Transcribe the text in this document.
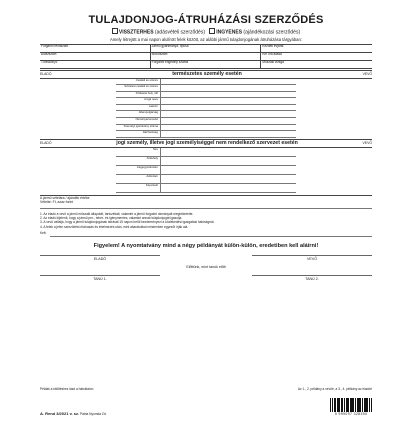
TULAJDONJOG-ÁTRUHÁZÁSI SZERZŐDÉS
VISSZTERHES (adásvételi szerződés) INGYENES (ajándékozási szerződés)
Amely létrejött a mai napon alulírott felek között, az alábbi jármű tulajdonjogának átruházása tárgyában:
Forgalmi rendszám	Jármű gyártmánya, típusa	Kezdeti évjárat
Alvázszám	Motorszám	Km óra állása
Törzskönyv	Forgalmi engedély száma	Műszaki vizsga
ELADÓ	természetes személy esetén	VEVŐ
Családi és utónév
Születési családi és utónév
Születési hely, idő
Anyja neve
Lakcím
Állampolgárság
Okmányazonosító
Személyi igazolvány száma
Elérhetőség
ELADÓ	jogi személy, illetve jogi személyiséggel nem rendelkező szervezet esetén	VEVŐ
Név
Székhely
Cégjegyzékszám
Adószám
Képviselő
A jármű vételára / ajándék értéke
Vételár: Ft, azaz forint

1. Az eladó a vevő a jármű műszaki állapotát, tartozékait, valamint a jármű forgalmi okmányait megtekintette.

2. Az eladó kijelenti, hogy a jármű per-, teher- és igénymentes, valamint annak tulajdonjogát igazolja.

3. A vevő vállalja, hogy a jármű tulajdonjogának átírását 15 napon belül kezdeményezi a közlekedési igazgatási hatóságnál.

4. A felek a jelen szerződést elolvasás és értelmezés után, mint akaratukkal mindenben egyezőt írják alá.

Kelt:
Figyelem! A nyomtatvány mind a négy példányát külön-külön, eredetiben kell aláírni!
ELADÓ	VEVŐ
Előttünk, mint tanúk előtt
TANÚ 1.	TANÚ 2.
Példák a kitöltéshez lásd a hátoldalon	Az 1., 2. példány a vevőé, a 3., 4. példány az eladóé
A. Rend 3/2021 v. sz. Pátria Nyomda Zrt.	5 999097 328390
